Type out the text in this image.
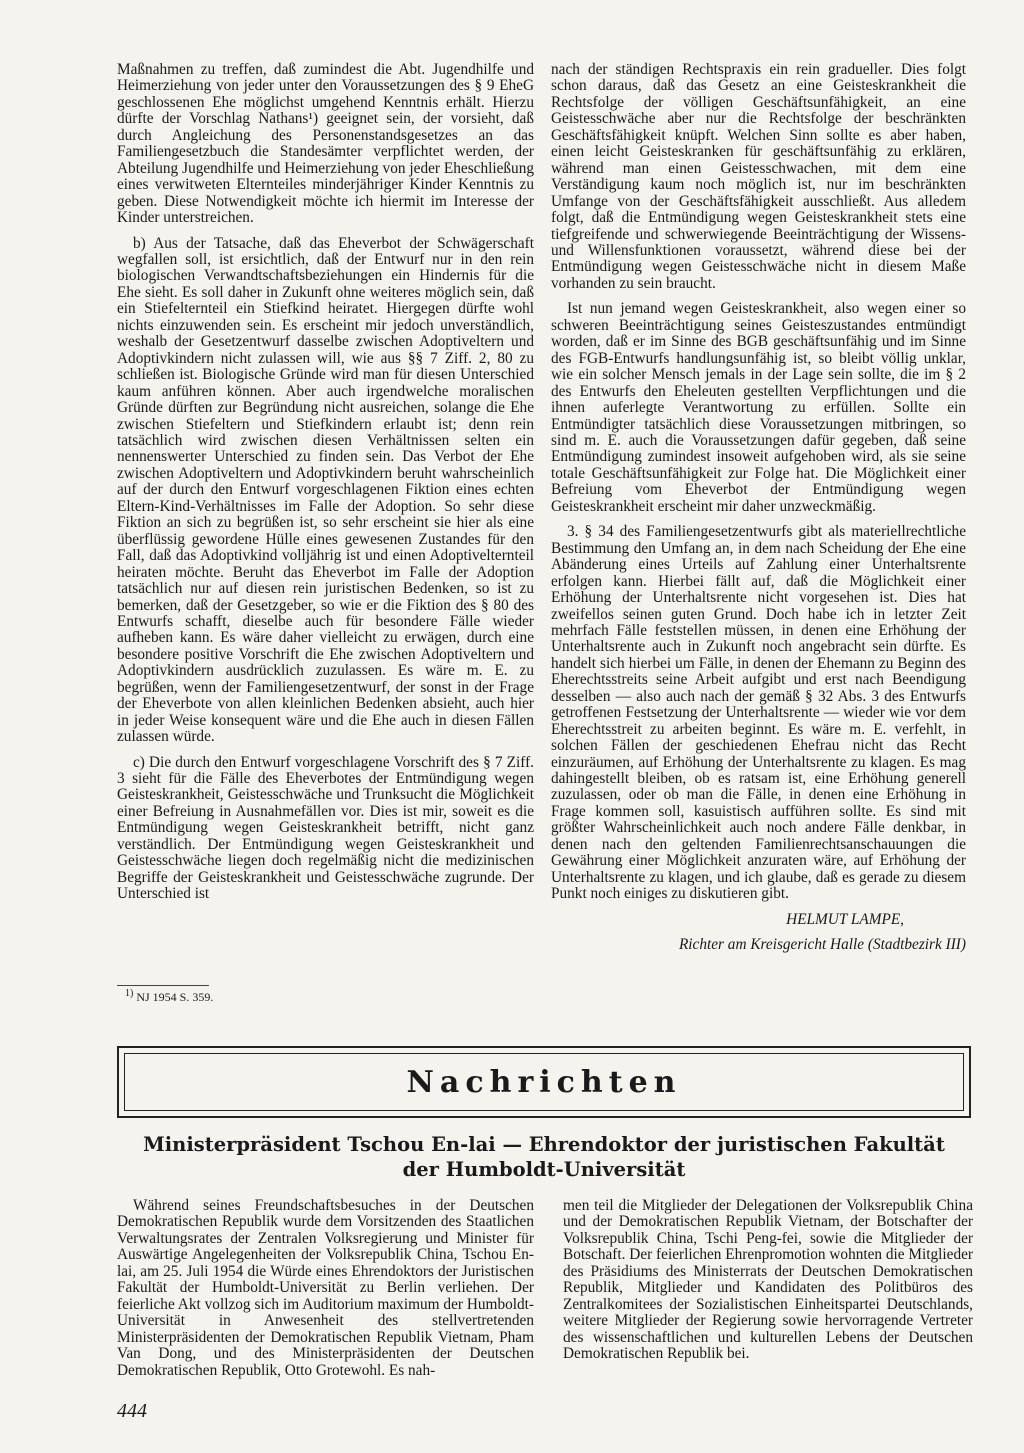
Maßnahmen zu treffen, daß zumindest die Abt. Jugendhilfe und Heimerziehung von jeder unter den Voraussetzungen des § 9 EheG geschlossenen Ehe möglichst umgehend Kenntnis erhält. Hierzu dürfte der Vorschlag Nathans¹) geeignet sein, der vorsieht, daß durch Angleichung des Personenstandsgesetzes an das Familiengesetzbuch die Standesämter verpflichtet werden, der Abteilung Jugendhilfe und Heimerziehung von jeder Eheschließung eines verwitweten Elternteiles minderjähriger Kinder Kenntnis zu geben. Diese Notwendigkeit möchte ich hiermit im Interesse der Kinder unterstreichen.

b) Aus der Tatsache, daß das Eheverbot der Schwägerschaft wegfallen soll, ist ersichtlich, daß der Entwurf nur in den rein biologischen Verwandtschaftsbeziehungen ein Hindernis für die Ehe sieht. Es soll daher in Zukunft ohne weiteres möglich sein, daß ein Stiefelternteil ein Stiefkind heiratet. Hiergegen dürfte wohl nichts einzuwenden sein. Es erscheint mir jedoch unverständlich, weshalb der Gesetzentwurf dasselbe zwischen Adoptiveltern und Adoptivkindern nicht zulassen will, wie aus §§ 7 Ziff. 2, 80 zu schließen ist. Biologische Gründe wird man für diesen Unterschied kaum anführen können. Aber auch irgendwelche moralischen Gründe dürften zur Begründung nicht ausreichen, solange die Ehe zwischen Stiefeltern und Stiefkindern erlaubt ist; denn rein tatsächlich wird zwischen diesen Verhältnissen selten ein nennenswerter Unterschied zu finden sein. Das Verbot der Ehe zwischen Adoptiveltern und Adoptivkindern beruht wahrscheinlich auf der durch den Entwurf vorgeschlagenen Fiktion eines echten Eltern-Kind-Verhältnisses im Falle der Adoption. So sehr diese Fiktion an sich zu begrüßen ist, so sehr erscheint sie hier als eine überflüssig gewordene Hülle eines gewesenen Zustandes für den Fall, daß das Adoptivkind volljährig ist und einen Adoptivelternteil heiraten möchte. Beruht das Eheverbot im Falle der Adoption tatsächlich nur auf diesen rein juristischen Bedenken, so ist zu bemerken, daß der Gesetzgeber, so wie er die Fiktion des § 80 des Entwurfs schafft, dieselbe auch für besondere Fälle wieder aufheben kann. Es wäre daher vielleicht zu erwägen, durch eine besondere positive Vorschrift die Ehe zwischen Adoptiveltern und Adoptivkindern ausdrücklich zuzulassen. Es wäre m. E. zu begrüßen, wenn der Familiengesetzentwurf, der sonst in der Frage der Eheverbote von allen kleinlichen Bedenken absieht, auch hier in jeder Weise konsequent wäre und die Ehe auch in diesen Fällen zulassen würde.

c) Die durch den Entwurf vorgeschlagene Vorschrift des § 7 Ziff. 3 sieht für die Fälle des Eheverbotes der Entmündigung wegen Geisteskrankheit, Geistesschwäche und Trunksucht die Möglichkeit einer Befreiung in Ausnahmefällen vor. Dies ist mir, soweit es die Entmündigung wegen Geisteskrankheit betrifft, nicht ganz verständlich. Der Entmündigung wegen Geisteskrankheit und Geistesschwäche liegen doch regelmäßig nicht die medizinischen Begriffe der Geisteskrankheit und Geistesschwäche zugrunde. Der Unterschied ist

nach der ständigen Rechtspraxis ein rein gradueller. Dies folgt schon daraus, daß das Gesetz an eine Geisteskrankheit die Rechtsfolge der völligen Geschäftsunfähigkeit, an eine Geistesschwäche aber nur die Rechtsfolge der beschränkten Geschäftsfähigkeit knüpft. Welchen Sinn sollte es aber haben, einen leicht Geisteskranken für geschäftsunfähig zu erklären, während man einen Geistesschwachen, mit dem eine Verständigung kaum noch möglich ist, nur im beschränkten Umfange von der Geschäftsfähigkeit ausschließt. Aus alledem folgt, daß die Entmündigung wegen Geisteskrankheit stets eine tiefgreifende und schwerwiegende Beeinträchtigung der Wissens- und Willensfunktionen voraussetzt, während diese bei der Entmündigung wegen Geistesschwäche nicht in diesem Maße vorhanden zu sein braucht.

Ist nun jemand wegen Geisteskrankheit, also wegen einer so schweren Beeinträchtigung seines Geisteszustandes entmündigt worden, daß er im Sinne des BGB geschäftsunfähig und im Sinne des FGB-Entwurfs handlungsunfähig ist, so bleibt völlig unklar, wie ein solcher Mensch jemals in der Lage sein sollte, die im § 2 des Entwurfs den Eheleuten gestellten Verpflichtungen und die ihnen auferlegte Verantwortung zu erfüllen. Sollte ein Entmündigter tatsächlich diese Voraussetzungen mitbringen, so sind m. E. auch die Voraussetzungen dafür gegeben, daß seine Entmündigung zumindest insoweit aufgehoben wird, als sie seine totale Geschäftsunfähigkeit zur Folge hat. Die Möglichkeit einer Befreiung vom Eheverbot der Entmündigung wegen Geisteskrankheit erscheint mir daher unzweckmäßig.

3. § 34 des Familiengesetzentwurfs gibt als materiellrechtliche Bestimmung den Umfang an, in dem nach Scheidung der Ehe eine Abänderung eines Urteils auf Zahlung einer Unterhaltsrente erfolgen kann. Hierbei fällt auf, daß die Möglichkeit einer Erhöhung der Unterhaltsrente nicht vorgesehen ist. Dies hat zweifellos seinen guten Grund. Doch habe ich in letzter Zeit mehrfach Fälle feststellen müssen, in denen eine Erhöhung der Unterhaltsrente auch in Zukunft noch angebracht sein dürfte. Es handelt sich hierbei um Fälle, in denen der Ehemann zu Beginn des Eherechtsstreits seine Arbeit aufgibt und erst nach Beendigung desselben — also auch nach der gemäß § 32 Abs. 3 des Entwurfs getroffenen Festsetzung der Unterhaltsrente — wieder wie vor dem Eherechtsstreit zu arbeiten beginnt. Es wäre m. E. verfehlt, in solchen Fällen der geschiedenen Ehefrau nicht das Recht einzuräumen, auf Erhöhung der Unterhaltsrente zu klagen. Es mag dahingestellt bleiben, ob es ratsam ist, eine Erhöhung generell zuzulassen, oder ob man die Fälle, in denen eine Erhöhung in Frage kommen soll, kasuistisch aufführen sollte. Es sind mit größter Wahrscheinlichkeit auch noch andere Fälle denkbar, in denen nach den geltenden Familienrechtsanschauungen die Gewährung einer Möglichkeit anzuraten wäre, auf Erhöhung der Unterhaltsrente zu klagen, und ich glaube, daß es gerade zu diesem Punkt noch einiges zu diskutieren gibt.

HELMUT LAMPE,

Richter am Kreisgericht Halle (Stadtbezirk III)

$^{1)}$ NJ 1954 S. 359.
Nachrichten
Ministerpräsident Tschou En-lai — Ehrendoktor der juristischen Fakultät
der Humboldt-Universität

Während seines Freundschaftsbesuches in der Deutschen Demokratischen Republik wurde dem Vorsitzenden des Staatlichen Verwaltungsrates der Zentralen Volksregierung und Minister für Auswärtige Angelegenheiten der Volksrepublik China, Tschou En-lai, am 25. Juli 1954 die Würde eines Ehrendoktors der Juristischen Fakultät der Humboldt-Universität zu Berlin verliehen. Der feierliche Akt vollzog sich im Auditorium maximum der Humboldt-Universität in Anwesenheit des stellvertretenden Ministerpräsidenten der Demokratischen Republik Vietnam, Pham Van Dong, und des Ministerpräsidenten der Deutschen Demokratischen Republik, Otto Grotewohl. Es nah-

men teil die Mitglieder der Delegationen der Volksrepublik China und der Demokratischen Republik Vietnam, der Botschafter der Volksrepublik China, Tschi Peng-fei, sowie die Mitglieder der Botschaft. Der feierlichen Ehrenpromotion wohnten die Mitglieder des Präsidiums des Ministerrats der Deutschen Demokratischen Republik, Mitglieder und Kandidaten des Politbüros des Zentralkomitees der Sozialistischen Einheitspartei Deutschlands, weitere Mitglieder der Regierung sowie hervorragende Vertreter des wissenschaftlichen und kulturellen Lebens der Deutschen Demokratischen Republik bei.

444
